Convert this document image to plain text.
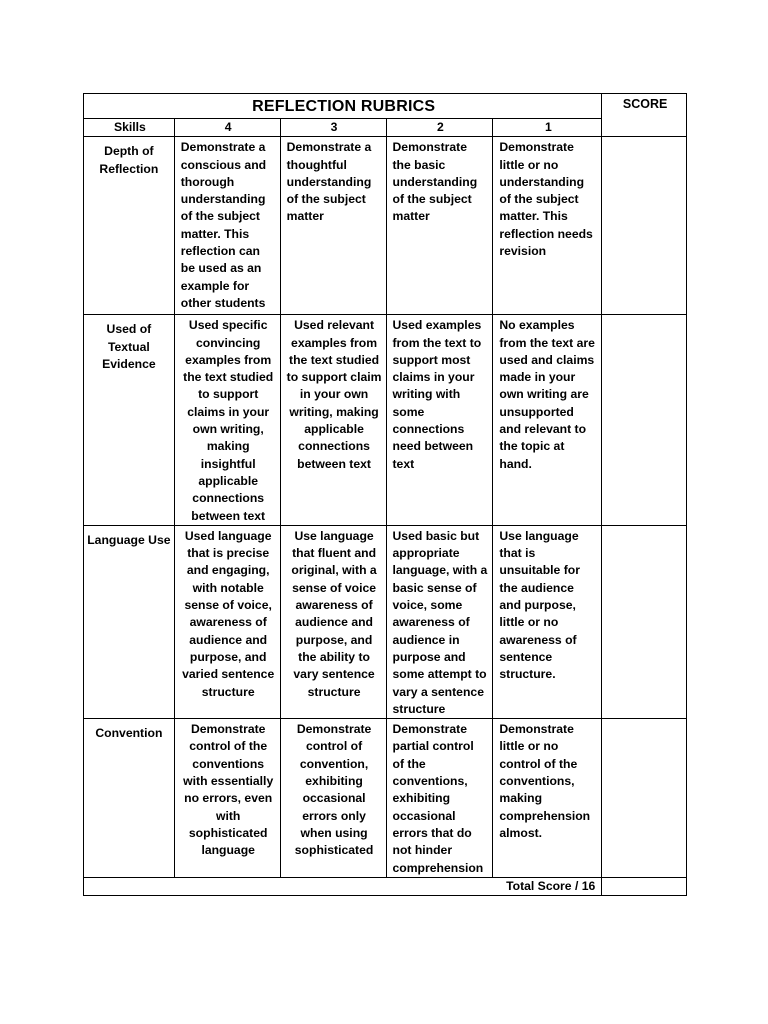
REFLECTION RUBRICS					SCORE
Skills	4	3	2	1	
Depth of Reflection	Demonstrate a conscious and thorough understanding of the subject matter. This reflection can be used as an example for other students	Demonstrate a thoughtful understanding of the subject matter	Demonstrate the basic understanding of the subject matter	Demonstrate little or no understanding of the subject matter. This reflection needs revision	
Used of Textual Evidence	Used specific convincing examples from the text studied to support claims in your own writing, making insightful applicable connections between text	Used relevant examples from the text studied to support claim in your own writing, making applicable connections between text	Used examples from the text to support most claims in your writing with some connections need between text	No examples from the text are used and claims made in your own writing are unsupported and relevant to the topic at hand.	
Language Use	Used language that is precise and engaging, with notable sense of voice, awareness of audience and purpose, and varied sentence structure	Use language that fluent and original, with a sense of voice awareness of audience and purpose, and the ability to vary sentence structure	Used basic but appropriate language, with a basic sense of voice, some awareness of audience in purpose and some attempt to vary a sentence structure	Use language that is unsuitable for the audience and purpose, little or no awareness of sentence structure.	
Convention	Demonstrate control of the conventions with essentially no errors, even with sophisticated language	Demonstrate control of convention, exhibiting occasional errors only when using sophisticated	Demonstrate partial control of the conventions, exhibiting occasional errors that do not hinder comprehension	Demonstrate little or no control of the conventions, making comprehension almost.	
Total Score / 16					
